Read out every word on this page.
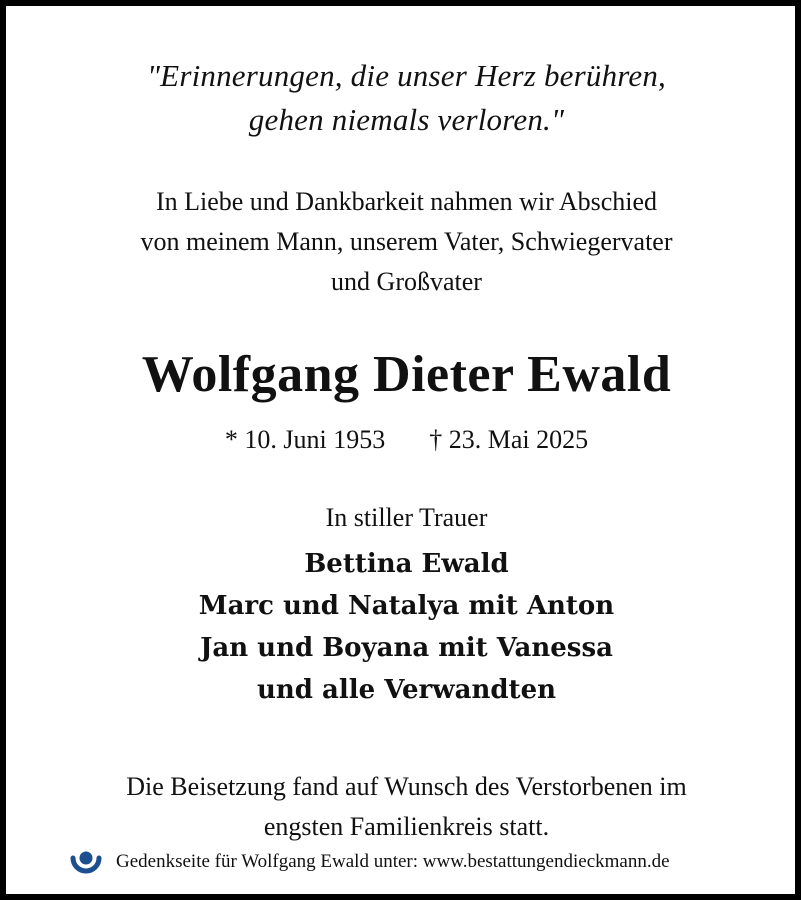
"Erinnerungen, die unser Herz berühren,
gehen niemals verloren."
In Liebe und Dankbarkeit nahmen wir Abschied
von meinem Mann, unserem Vater, Schwiegervater
und Großvater
Wolfgang Dieter Ewald
* 10. Juni 1953 † 23. Mai 2025
In stiller Trauer
Bettina Ewald
Marc und Natalya mit Anton
Jan und Boyana mit Vanessa
und alle Verwandten
Die Beisetzung fand auf Wunsch des Verstorbenen im
engsten Familienkreis statt.
Gedenkseite für Wolfgang Ewald unter: www.bestattungendieckmann.de
